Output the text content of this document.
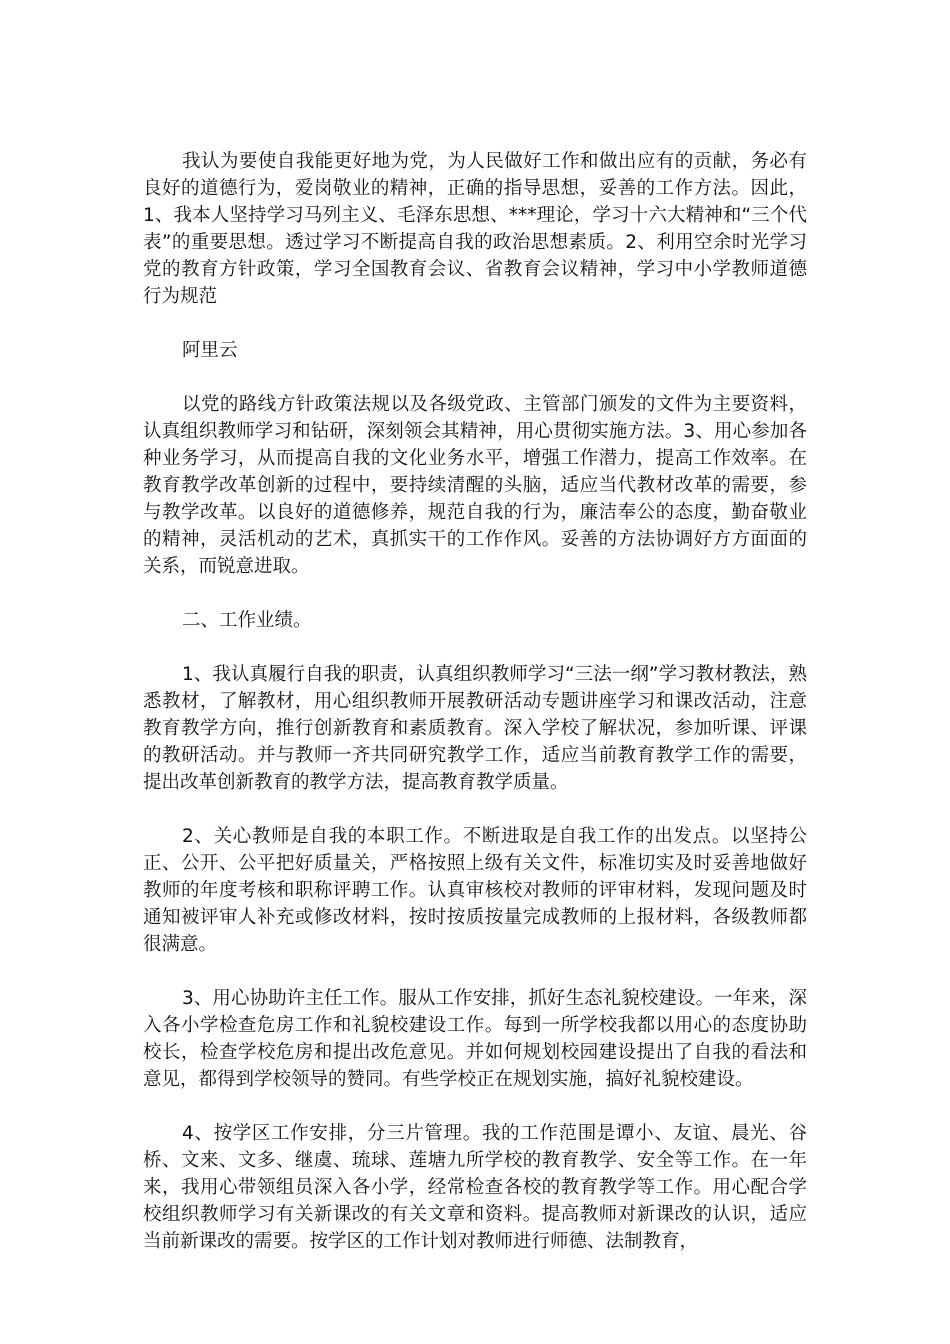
我认为要使自我能更好地为党，为人民做好工作和做出应有的贡献，务必有良好的道德行为，爱岗敬业的精神，正确的指导思想，妥善的工作方法。因此，1、我本人坚持学习马列主义、毛泽东思想、***理论，学习十六大精神和“三个代表”的重要思想。透过学习不断提高自我的政治思想素质。2、利用空余时光学习党的教育方针政策，学习全国教育会议、省教育会议精神，学习中小学教师道德行为规范

阿里云

以党的路线方针政策法规以及各级党政、主管部门颁发的文件为主要资料，认真组织教师学习和钻研，深刻领会其精神，用心贯彻实施方法。3、用心参加各种业务学习，从而提高自我的文化业务水平，增强工作潜力，提高工作效率。在教育教学改革创新的过程中，要持续清醒的头脑，适应当代教材改革的需要，参与教学改革。以良好的道德修养，规范自我的行为，廉洁奉公的态度，勤奋敬业的精神，灵活机动的艺术，真抓实干的工作作风。妥善的方法协调好方方面面的关系，而锐意进取。

二、工作业绩。

1、我认真履行自我的职责，认真组织教师学习“三法一纲”学习教材教法，熟悉教材，了解教材，用心组织教师开展教研活动专题讲座学习和课改活动，注意教育教学方向，推行创新教育和素质教育。深入学校了解状况，参加听课、评课的教研活动。并与教师一齐共同研究教学工作，适应当前教育教学工作的需要，提出改革创新教育的教学方法，提高教育教学质量。

2、关心教师是自我的本职工作。不断进取是自我工作的出发点。以坚持公正、公开、公平把好质量关，严格按照上级有关文件，标准切实及时妥善地做好教师的年度考核和职称评聘工作。认真审核校对教师的评审材料，发现问题及时通知被评审人补充或修改材料，按时按质按量完成教师的上报材料，各级教师都很满意。

3、用心协助许主任工作。服从工作安排，抓好生态礼貌校建设。一年来，深入各小学检查危房工作和礼貌校建设工作。每到一所学校我都以用心的态度协助校长，检查学校危房和提出改危意见。并如何规划校园建设提出了自我的看法和意见，都得到学校领导的赞同。有些学校正在规划实施，搞好礼貌校建设。

4、按学区工作安排，分三片管理。我的工作范围是谭小、友谊、晨光、谷桥、文来、文多、继虞、琉球、莲塘九所学校的教育教学、安全等工作。在一年来，我用心带领组员深入各小学，经常检查各校的教育教学等工作。用心配合学校组织教师学习有关新课改的有关文章和资料。提高教师对新课改的认识，适应当前新课改的需要。按学区的工作计划对教师进行师德、法制教育，
